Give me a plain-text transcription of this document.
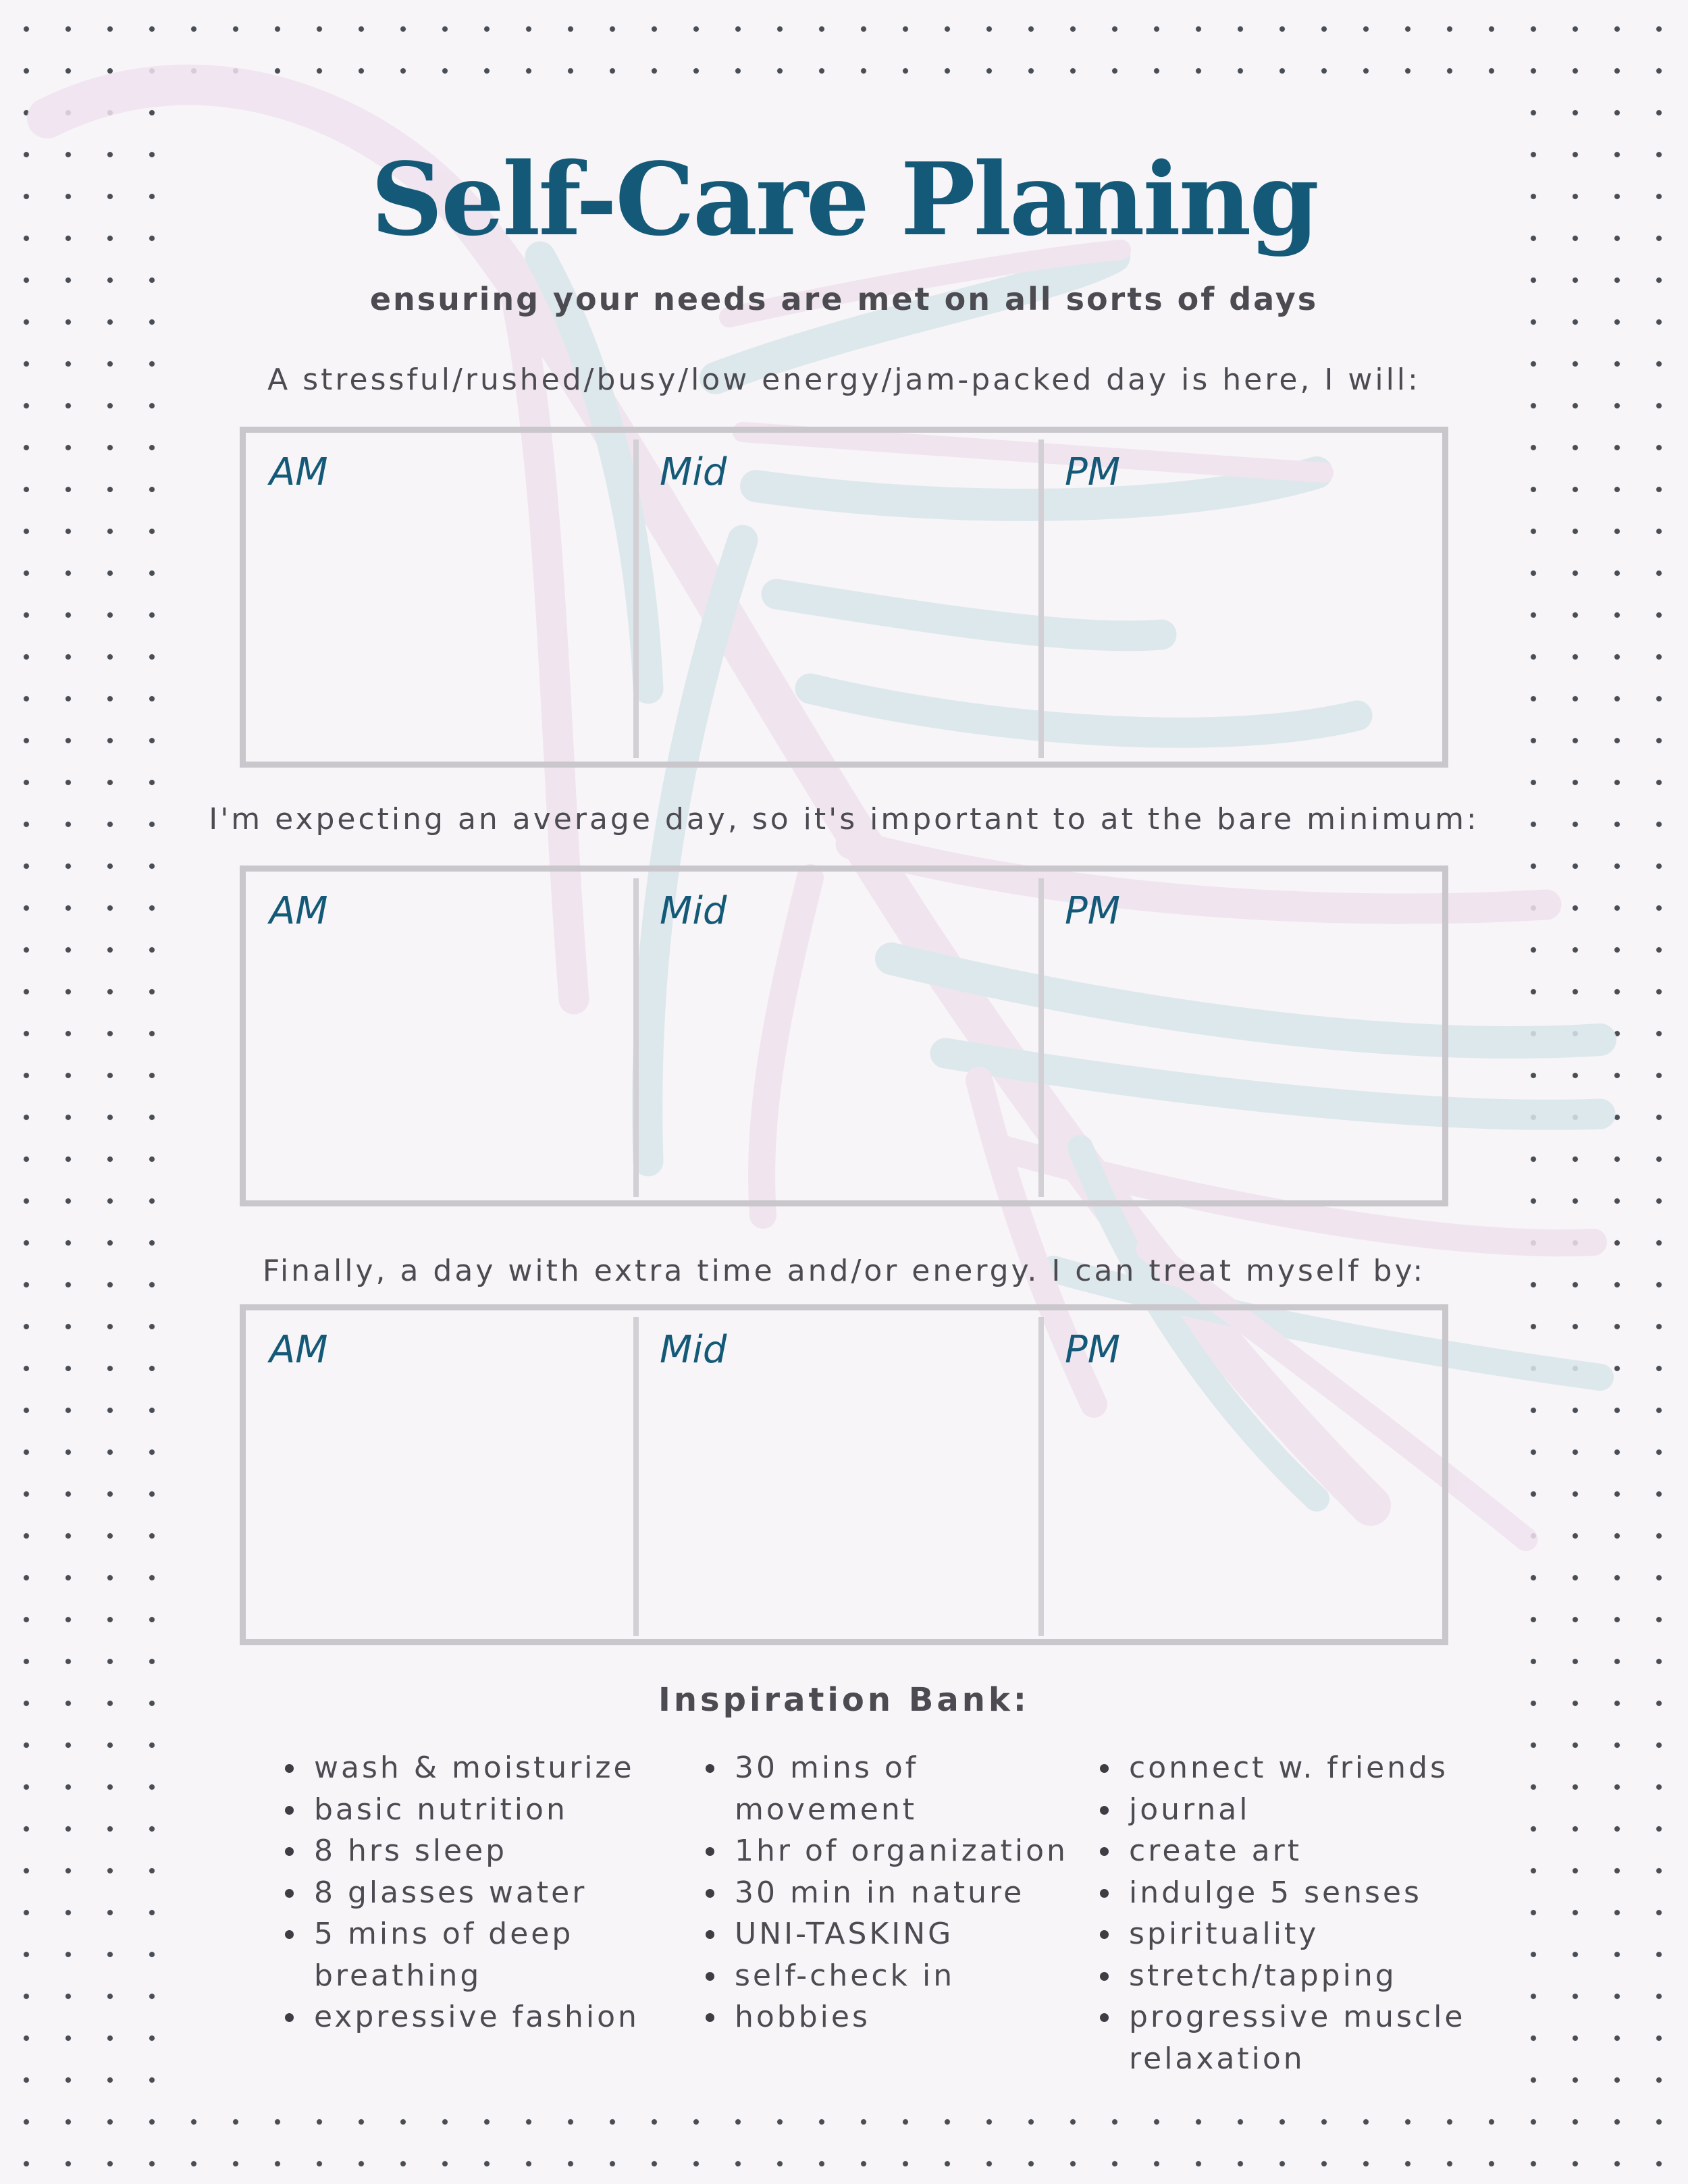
Self-Care Planing
ensuring your needs are met on all sorts of days
A stressful/rushed/busy/low energy/jam-packed day is here, I will:
AM	Mid	PM
I'm expecting an average day, so it's important to at the bare minimum:
AM	Mid	PM
Finally, a day with extra time and/or energy. I can treat myself by:
AM	Mid	PM
Inspiration Bank:
wash & moisturize
basic nutrition
8 hrs sleep
8 glasses water
5 mins of deep breathing
expressive fashion
30 mins of movement
1hr of organization
30 min in nature
UNI-TASKING
self-check in
hobbies
connect w. friends
journal
create art
indulge 5 senses
spirituality
stretch/tapping
progressive muscle relaxation
